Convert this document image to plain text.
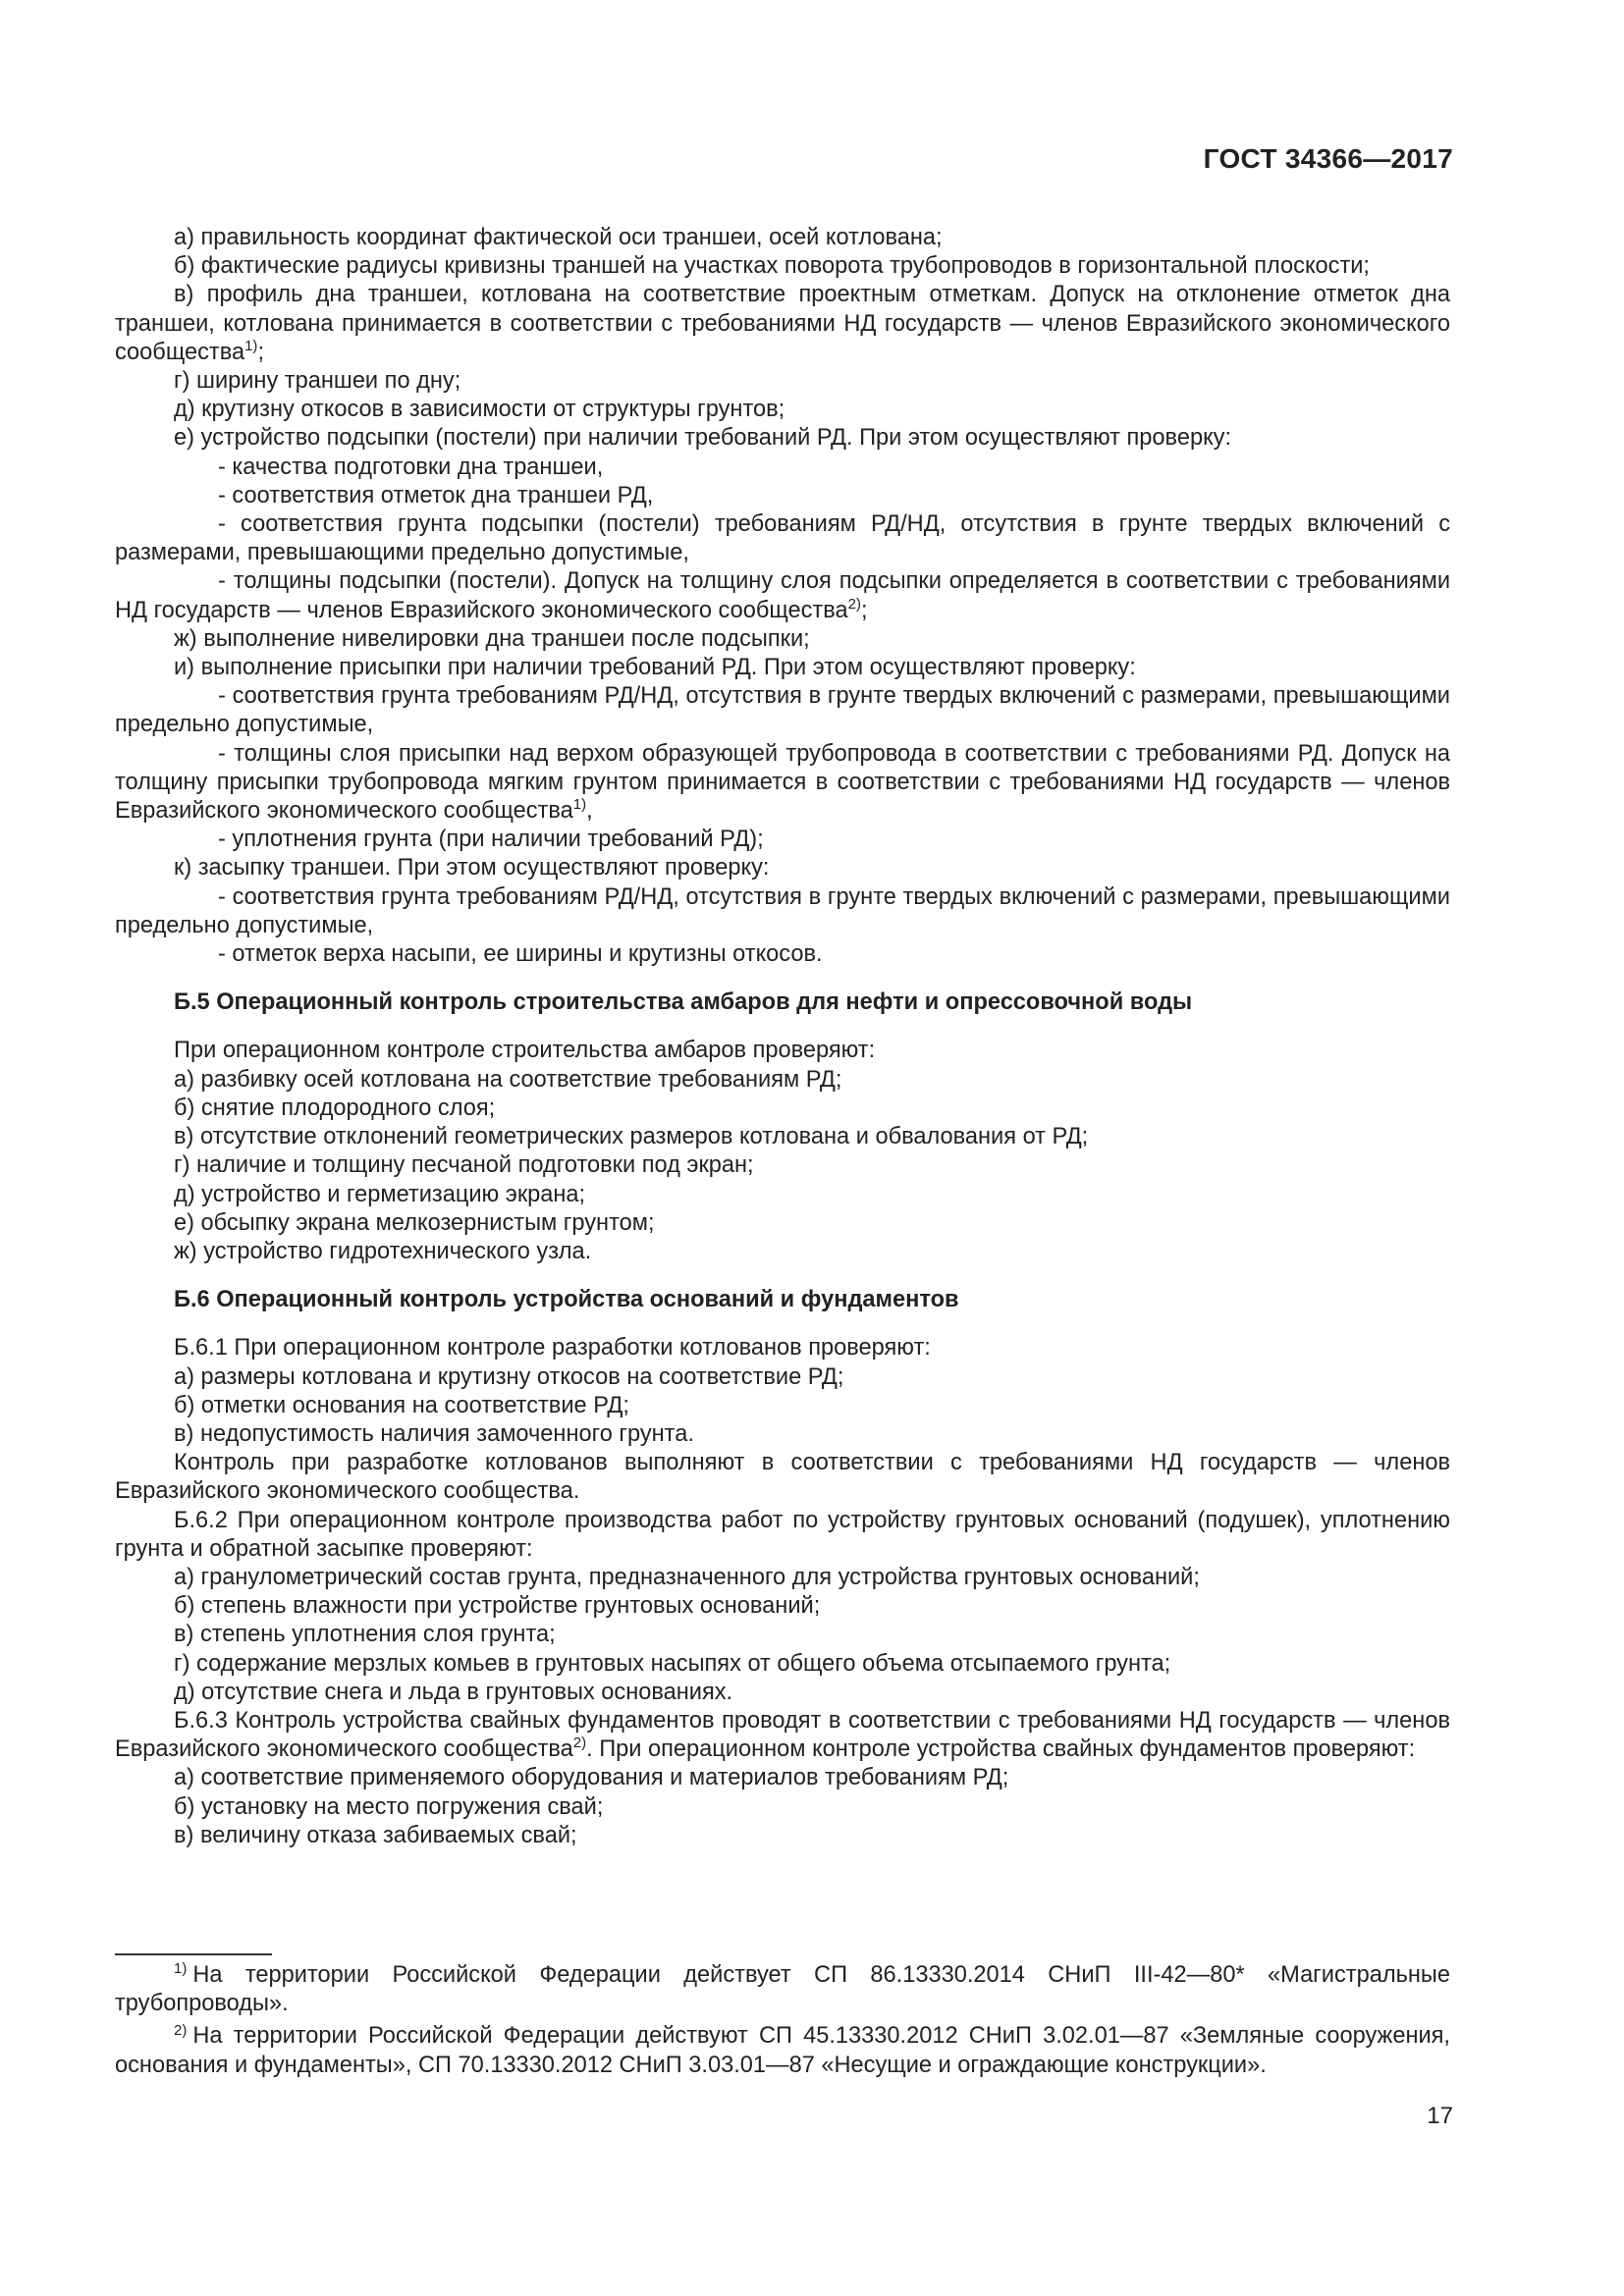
ГОСТ 34366—2017

а) правильность координат фактической оси траншеи, осей котлована;

б) фактические радиусы кривизны траншей на участках поворота трубопроводов в горизонтальной плоскости;

в) профиль дна траншеи, котлована на соответствие проектным отметкам. Допуск на отклонение отметок дна траншеи, котлована принимается в соответствии с требованиями НД государств — членов Евразийского экономического сообщества$^{1)}$;

г) ширину траншеи по дну;

д) крутизну откосов в зависимости от структуры грунтов;

е) устройство подсыпки (постели) при наличии требований РД. При этом осуществляют проверку:

- качества подготовки дна траншеи,

- соответствия отметок дна траншеи РД,

- соответствия грунта подсыпки (постели) требованиям РД/НД, отсутствия в грунте твердых включений с размерами, превышающими предельно допустимые,

- толщины подсыпки (постели). Допуск на толщину слоя подсыпки определяется в соответствии с требованиями НД государств — членов Евразийского экономического сообщества$^{2)}$;

ж) выполнение нивелировки дна траншеи после подсыпки;

и) выполнение присыпки при наличии требований РД. При этом осуществляют проверку:

- соответствия грунта требованиям РД/НД, отсутствия в грунте твердых включений с размерами, превышающими предельно допустимые,

- толщины слоя присыпки над верхом образующей трубопровода в соответствии с требованиями РД. Допуск на толщину присыпки трубопровода мягким грунтом принимается в соответствии с требованиями НД государств — членов Евразийского экономического сообщества$^{1)}$,

- уплотнения грунта (при наличии требований РД);

к) засыпку траншеи. При этом осуществляют проверку:

- соответствия грунта требованиям РД/НД, отсутствия в грунте твердых включений с размерами, превышающими предельно допустимые,

- отметок верха насыпи, ее ширины и крутизны откосов.

Б.5 Операционный контроль строительства амбаров для нефти и опрессовочной воды

При операционном контроле строительства амбаров проверяют:

а) разбивку осей котлована на соответствие требованиям РД;

б) снятие плодородного слоя;

в) отсутствие отклонений геометрических размеров котлована и обвалования от РД;

г) наличие и толщину песчаной подготовки под экран;

д) устройство и герметизацию экрана;

е) обсыпку экрана мелкозернистым грунтом;

ж) устройство гидротехнического узла.

Б.6 Операционный контроль устройства оснований и фундаментов

Б.6.1 При операционном контроле разработки котлованов проверяют:

а) размеры котлована и крутизну откосов на соответствие РД;

б) отметки основания на соответствие РД;

в) недопустимость наличия замоченного грунта.

Контроль при разработке котлованов выполняют в соответствии с требованиями НД государств — членов Евразийского экономического сообщества.

Б.6.2 При операционном контроле производства работ по устройству грунтовых оснований (подушек), уплотнению грунта и обратной засыпке проверяют:

а) гранулометрический состав грунта, предназначенного для устройства грунтовых оснований;

б) степень влажности при устройстве грунтовых оснований;

в) степень уплотнения слоя грунта;

г) содержание мерзлых комьев в грунтовых насыпях от общего объема отсыпаемого грунта;

д) отсутствие снега и льда в грунтовых основаниях.

Б.6.3 Контроль устройства свайных фундаментов проводят в соответствии с требованиями НД государств — членов Евразийского экономического сообщества$^{2)}$. При операционном контроле устройства свайных фундаментов проверяют:

а) соответствие применяемого оборудования и материалов требованиям РД;

б) установку на место погружения свай;

в) величину отказа забиваемых свай;

$^{1)}$ На территории Российской Федерации действует СП 86.13330.2014 СНиП III-42—80* «Магистральные трубопроводы».

$^{2)}$ На территории Российской Федерации действуют СП 45.13330.2012 СНиП 3.02.01—87 «Земляные сооружения, основания и фундаменты», СП 70.13330.2012 СНиП 3.03.01—87 «Несущие и ограждающие конструкции».

17
